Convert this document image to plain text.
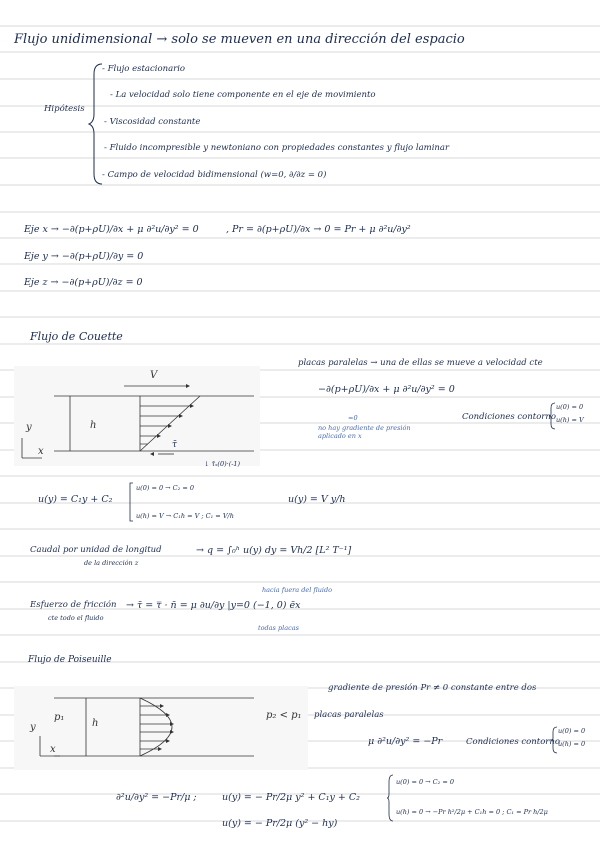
Flujo unidimensional → solo se mueven en una dirección del espacio
Hipótesis
- Flujo estacionario
- La velocidad solo tiene componente en el eje de movimiento
- Viscosidad constante
- Fluido incompresible y newtoniano con propiedades constantes y flujo laminar
- Campo de velocidad bidimensional (w=0, ∂/∂z = 0)
Eje x → −∂(p+ρU)/∂x + μ ∂²u/∂y² = 0	, Pr = ∂(p+ρU)/∂x → 0 = Pr + μ ∂²u/∂y²
Eje y → −∂(p+ρU)/∂y = 0
Eje z → −∂(p+ρU)/∂z = 0
Flujo de Couette
V
h
y
x
τ̄
↓ τ̄ₓ(0)·(-1)
placas paralelas → una de ellas se mueve a velocidad cte
−∂(p+ρU)/∂x + μ ∂²u/∂y² = 0
=0
no hay gradiente de presión aplicado en x
Condiciones contorno
u(0) = 0
u(h) = V
u(y) = C₁y + C₂
u(0) = 0 → C₂ = 0
u(h) = V → C₁h = V ; C₁ = V/h
u(y) = V y/h
Caudal por unidad de longitud
de la dirección z
→ q = ∫₀ʰ u(y) dy = Vh/2 [L² T⁻¹]
hacia fuera del fluido
Esfuerzo de fricción
cte todo el fluido
→ τ̄ = τ̿ · n̄ = μ ∂u/∂y |y=0 (−1, 0) ēx
todas placas
Flujo de Poiseuille
p₁
h
y
x
p₂ < p₁
gradiente de presión Pr ≠ 0 constante entre dos
placas paralelas
μ ∂²u/∂y² = −Pr	Condiciones contorno
u(0) = 0
u(h) = 0
∂²u/∂y² = −Pr/μ ;	u(y) = − Pr/2μ y² + C₁y + C₂
u(y) = − Pr/2μ (y² − hy)
u(0) = 0 → C₂ = 0
u(h) = 0 → −Pr h²/2μ + C₁h = 0 ; C₁ = Pr h/2μ
